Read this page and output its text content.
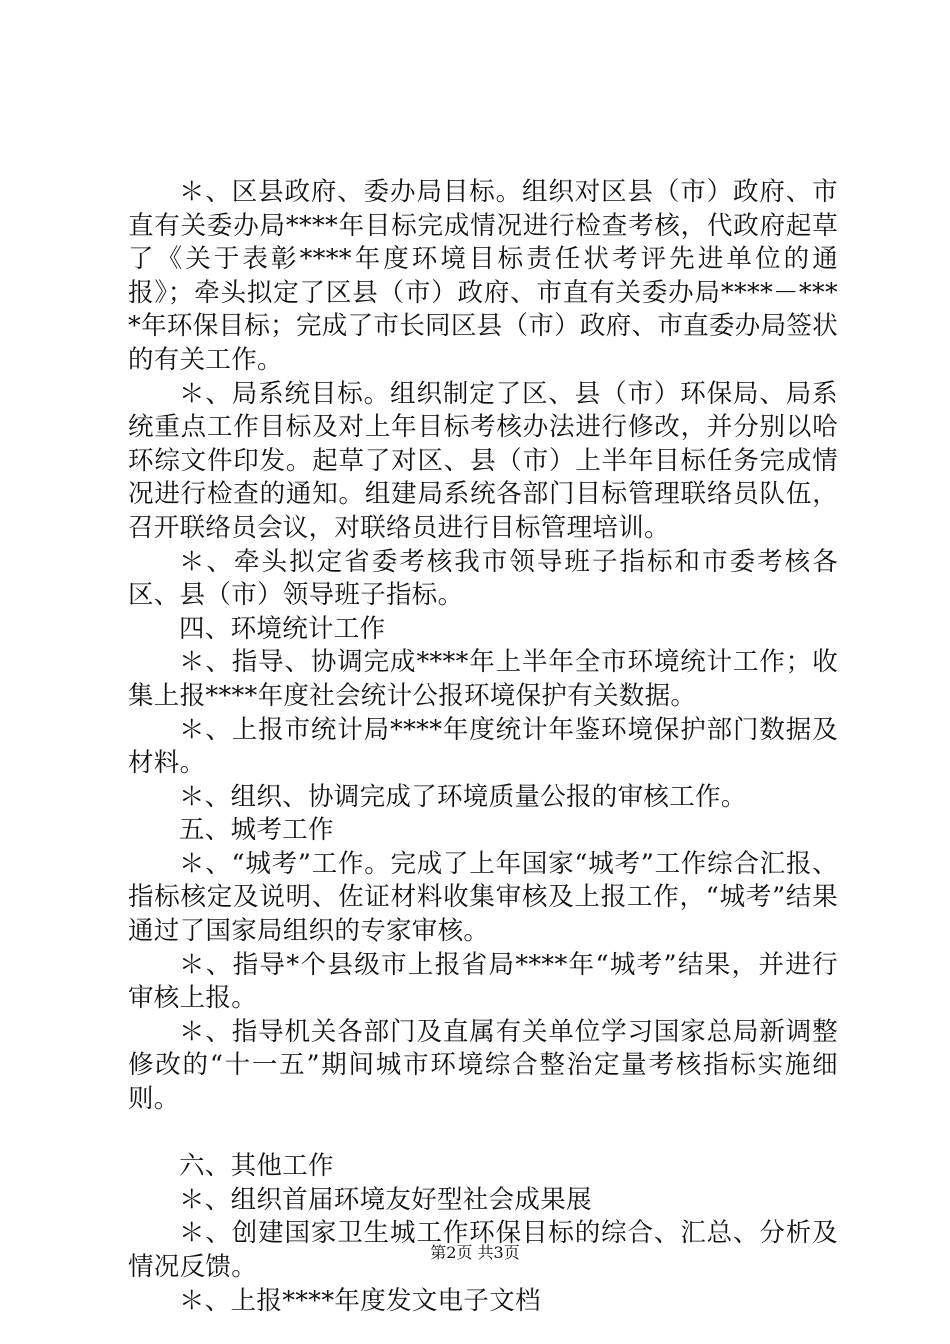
＊、区县政府、委办局目标。组织对区县（市）政府、市直有关委办局****年目标完成情况进行检查考核，代政府起草了《关于表彰****年度环境目标责任状考评先进单位的通报》；牵头拟定了区县（市）政府、市直有关委办局****－****年环保目标；完成了市长同区县（市）政府、市直委办局签状的有关工作。

＊、局系统目标。组织制定了区、县（市）环保局、局系统重点工作目标及对上年目标考核办法进行修改，并分别以哈环综文件印发。起草了对区、县（市）上半年目标任务完成情况进行检查的通知。组建局系统各部门目标管理联络员队伍，召开联络员会议，对联络员进行目标管理培训。

＊、牵头拟定省委考核我市领导班子指标和市委考核各区、县（市）领导班子指标。

四、环境统计工作

＊、指导、协调完成****年上半年全市环境统计工作；收集上报****年度社会统计公报环境保护有关数据。

＊、上报市统计局****年度统计年鉴环境保护部门数据及材料。

＊、组织、协调完成了环境质量公报的审核工作。

五、城考工作

＊、“城考”工作。完成了上年国家“城考”工作综合汇报、指标核定及说明、佐证材料收集审核及上报工作，“城考”结果通过了国家局组织的专家审核。

＊、指导*个县级市上报省局****年“城考”结果，并进行审核上报。

＊、指导机关各部门及直属有关单位学习国家总局新调整修改的“十一五”期间城市环境综合整治定量考核指标实施细则。

六、其他工作

＊、组织首届环境友好型社会成果展

＊、创建国家卫生城工作环保目标的综合、汇总、分析及情况反馈。

＊、上报****年度发文电子文档

第2页 共3页
